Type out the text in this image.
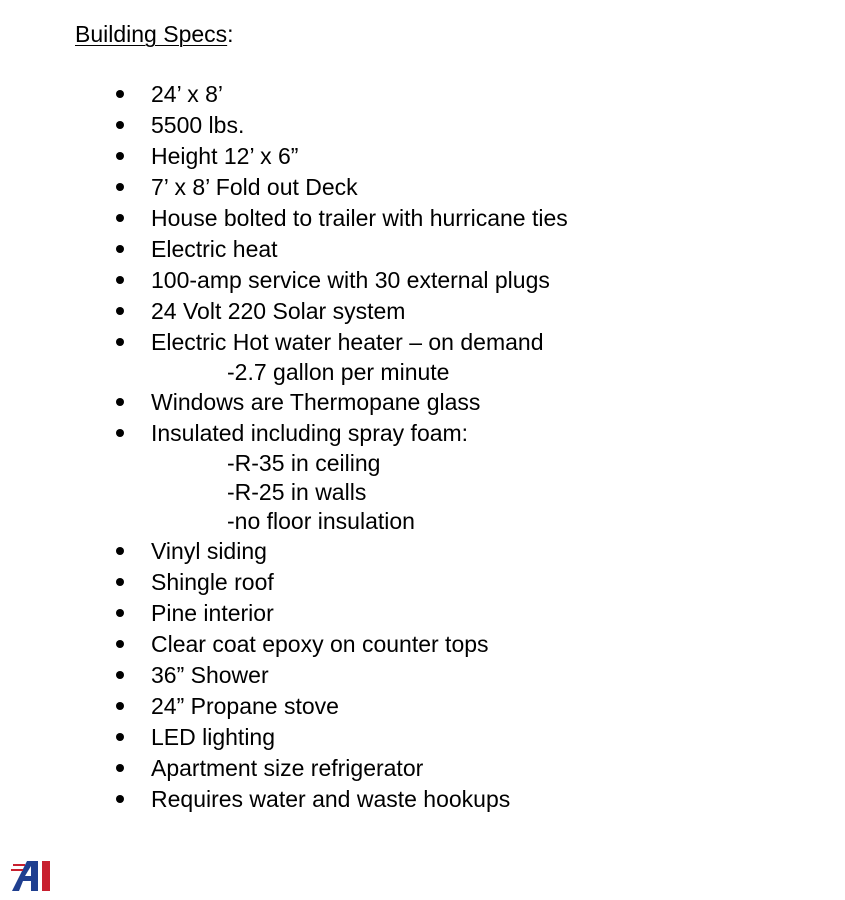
Building Specs:
24’ x 8’
5500 lbs.
Height 12’ x 6”
7’ x 8’ Fold out Deck
House bolted to trailer with hurricane ties
Electric heat
100-amp service with 30 external plugs
24 Volt 220 Solar system
Electric Hot water heater – on demand
-2.7 gallon per minute
Windows are Thermopane glass
Insulated including spray foam:
-R-35 in ceiling
-R-25 in walls
-no floor insulation
Vinyl siding
Shingle roof
Pine interior
Clear coat epoxy on counter tops
36” Shower
24” Propane stove
LED lighting
Apartment size refrigerator
Requires water and waste hookups
